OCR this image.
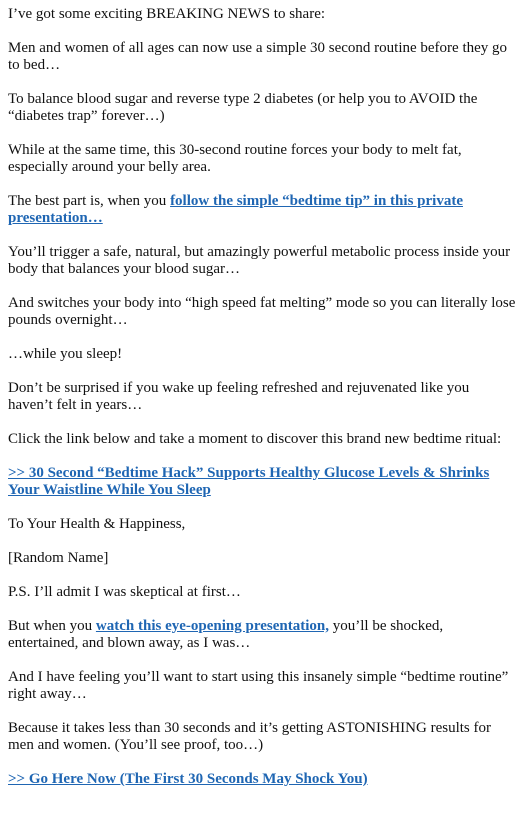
I’ve got some exciting BREAKING NEWS to share:

Men and women of all ages can now use a simple 30 second routine before they go to bed…

To balance blood sugar and reverse type 2 diabetes (or help you to AVOID the “diabetes trap” forever…)

While at the same time, this 30-second routine forces your body to melt fat, especially around your belly area.

The best part is, when you follow the simple “bedtime tip” in this private presentation…

You’ll trigger a safe, natural, but amazingly powerful metabolic process inside your body that balances your blood sugar…

And switches your body into “high speed fat melting” mode so you can literally lose pounds overnight…

…while you sleep!

Don’t be surprised if you wake up feeling refreshed and rejuvenated like you haven’t felt in years…

Click the link below and take a moment to discover this brand new bedtime ritual:

>> 30 Second “Bedtime Hack” Supports Healthy Glucose Levels & Shrinks Your Waistline While You Sleep

To Your Health & Happiness,

[Random Name]

P.S. I’ll admit I was skeptical at first…

But when you watch this eye-opening presentation, you’ll be shocked, entertained, and blown away, as I was…

And I have feeling you’ll want to start using this insanely simple “bedtime routine” right away…

Because it takes less than 30 seconds and it’s getting ASTONISHING results for men and women. (You’ll see proof, too…)

>> Go Here Now (The First 30 Seconds May Shock You)
